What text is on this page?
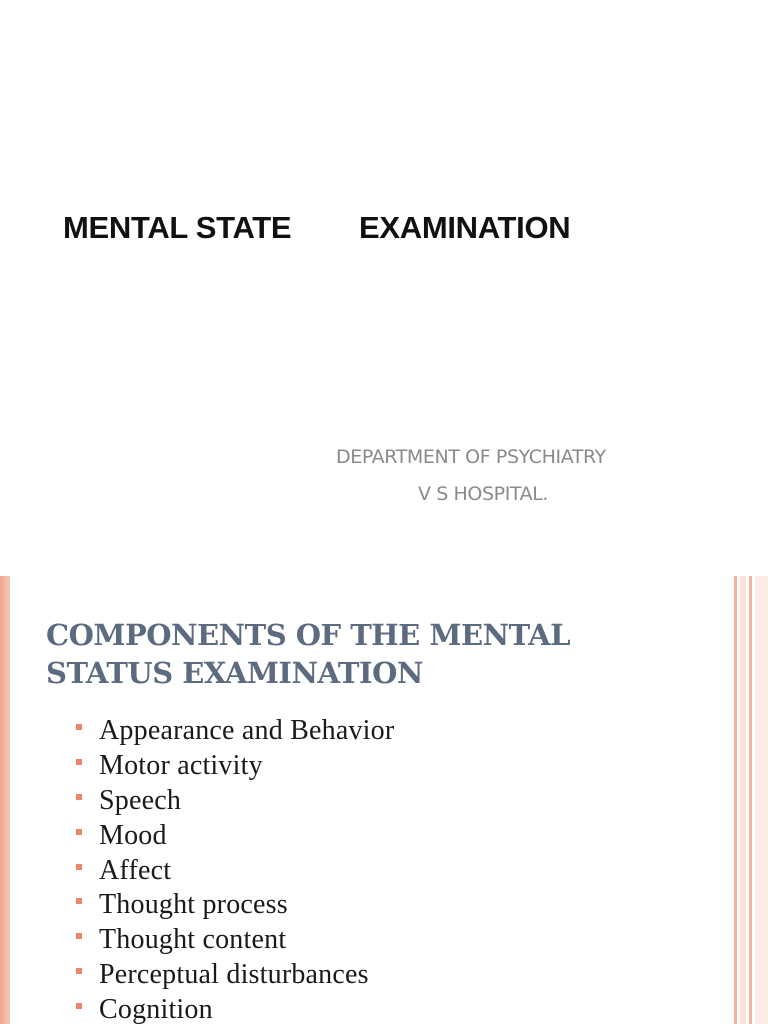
MENTAL STATE EXAMINATION
DEPARTMENT OF PSYCHIATRY
V S HOSPITAL.
COMPONENTS OF THE MENTAL
STATUS EXAMINATION
Appearance and Behavior
Motor activity
Speech
Mood
Affect
Thought process
Thought content
Perceptual disturbances
Cognition
